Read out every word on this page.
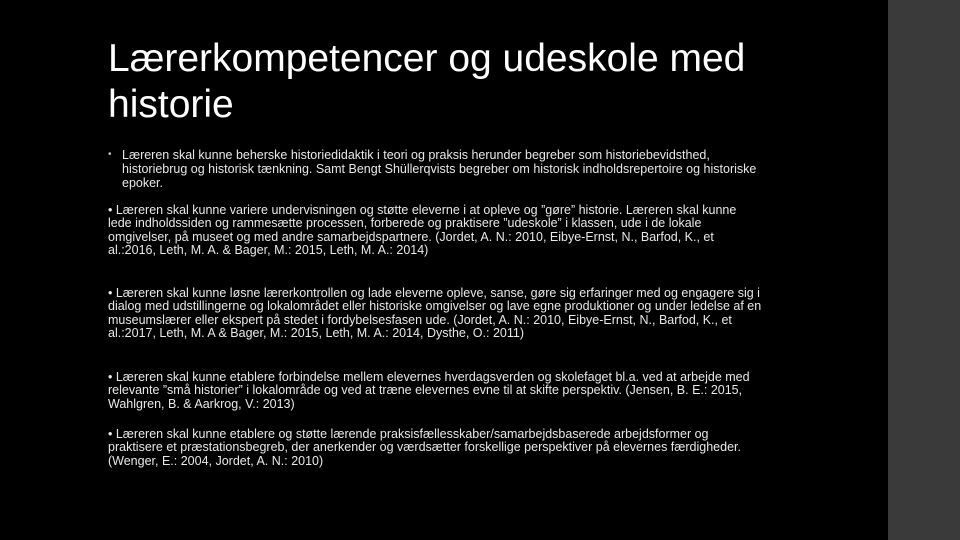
Lærerkompetencer og udeskole med historie
• Læreren skal kunne beherske historiedidaktik i teori og praksis herunder begreber som historiebevidsthed, historiebrug og historisk tænkning. Samt Bengt Shüllerqvists begreber om historisk indholdsrepertoire og historiske epoker.

• Læreren skal kunne variere undervisningen og støtte eleverne i at opleve og ”gøre” historie. Læreren skal kunne lede indholdssiden og rammesætte processen, forberede og praktisere ”udeskole” i klassen, ude i de lokale omgivelser, på museet og med andre samarbejdspartnere. (Jordet, A. N.: 2010, Eibye-Ernst, N., Barfod, K., et al.:2016, Leth, M. A. & Bager, M.: 2015, Leth, M. A.: 2014)

• Læreren skal kunne løsne lærerkontrollen og lade eleverne opleve, sanse, gøre sig erfaringer med og engagere sig i dialog med udstillingerne og lokalområdet eller historiske omgivelser og lave egne produktioner og under ledelse af en museumslærer eller ekspert på stedet i fordybelsesfasen ude. (Jordet, A. N.: 2010, Eibye-Ernst, N., Barfod, K., et al.:2017, Leth, M. A & Bager, M.: 2015, Leth, M. A.: 2014, Dysthe, O.: 2011)

• Læreren skal kunne etablere forbindelse mellem elevernes hverdagsverden og skolefaget bl.a. ved at arbejde med relevante ”små historier” i lokalområde og ved at træne elevernes evne til at skifte perspektiv. (Jensen, B. E.: 2015, Wahlgren, B. & Aarkrog, V.: 2013)

• Læreren skal kunne etablere og støtte lærende praksisfællesskaber/samarbejdsbaserede arbejdsformer og praktisere et præstationsbegreb, der anerkender og værdsætter forskellige perspektiver på elevernes færdigheder. (Wenger, E.: 2004, Jordet, A. N.: 2010)
